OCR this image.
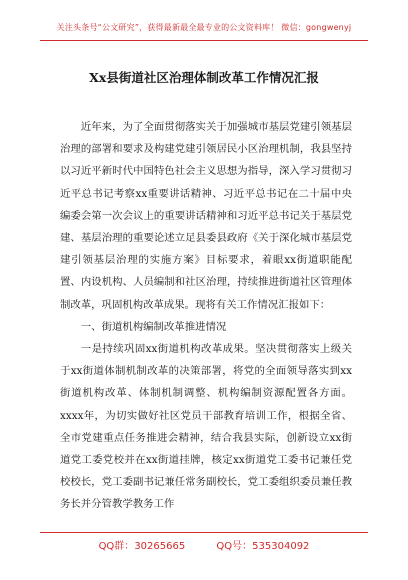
关注头条号“公文研究”，获得最新最全最专业的公文资料库！ 微信：gongwenyj
Xx县街道社区治理体制改革工作情况汇报

近年来，为了全面贯彻落实关于加强城市基层党建引领基层治理的部署和要求及构建党建引领居民小区治理机制，我县坚持以习近平新时代中国特色社会主义思想为指导，深入学习贯彻习近平总书记考察xx重要讲话精神、习近平总书记在二十届中央编委会第一次会议上的重要讲话精神和习近平总书记关于基层党建、基层治理的重要论述立足县委县政府《关于深化城市基层党建引领基层治理的实施方案》目标要求，着眼xx街道职能配置、内设机构、人员编制和社区治理，持续推进街道社区管理体制改革，巩固机构改革成果。现将有关工作情况汇报如下：

一、街道机构编制改革推进情况

一是持续巩固xx街道机构改革成果。坚决贯彻落实上级关于xx街道体制机制改革的决策部署，将党的全面领导落实到xx街道机构改革、体制机制调整、机构编制资源配置各方面。xxxx年，为切实做好社区党员干部教育培训工作，根据全省、全市党建重点任务推进会精神，结合我县实际，创新设立xx街道党工委党校并在xx街道挂牌，核定xx街道党工委书记兼任党校校长，党工委副书记兼任常务副校长，党工委组织委员兼任教务长并分管教学教务工作

QQ群：30265665	QQ号：535304092
